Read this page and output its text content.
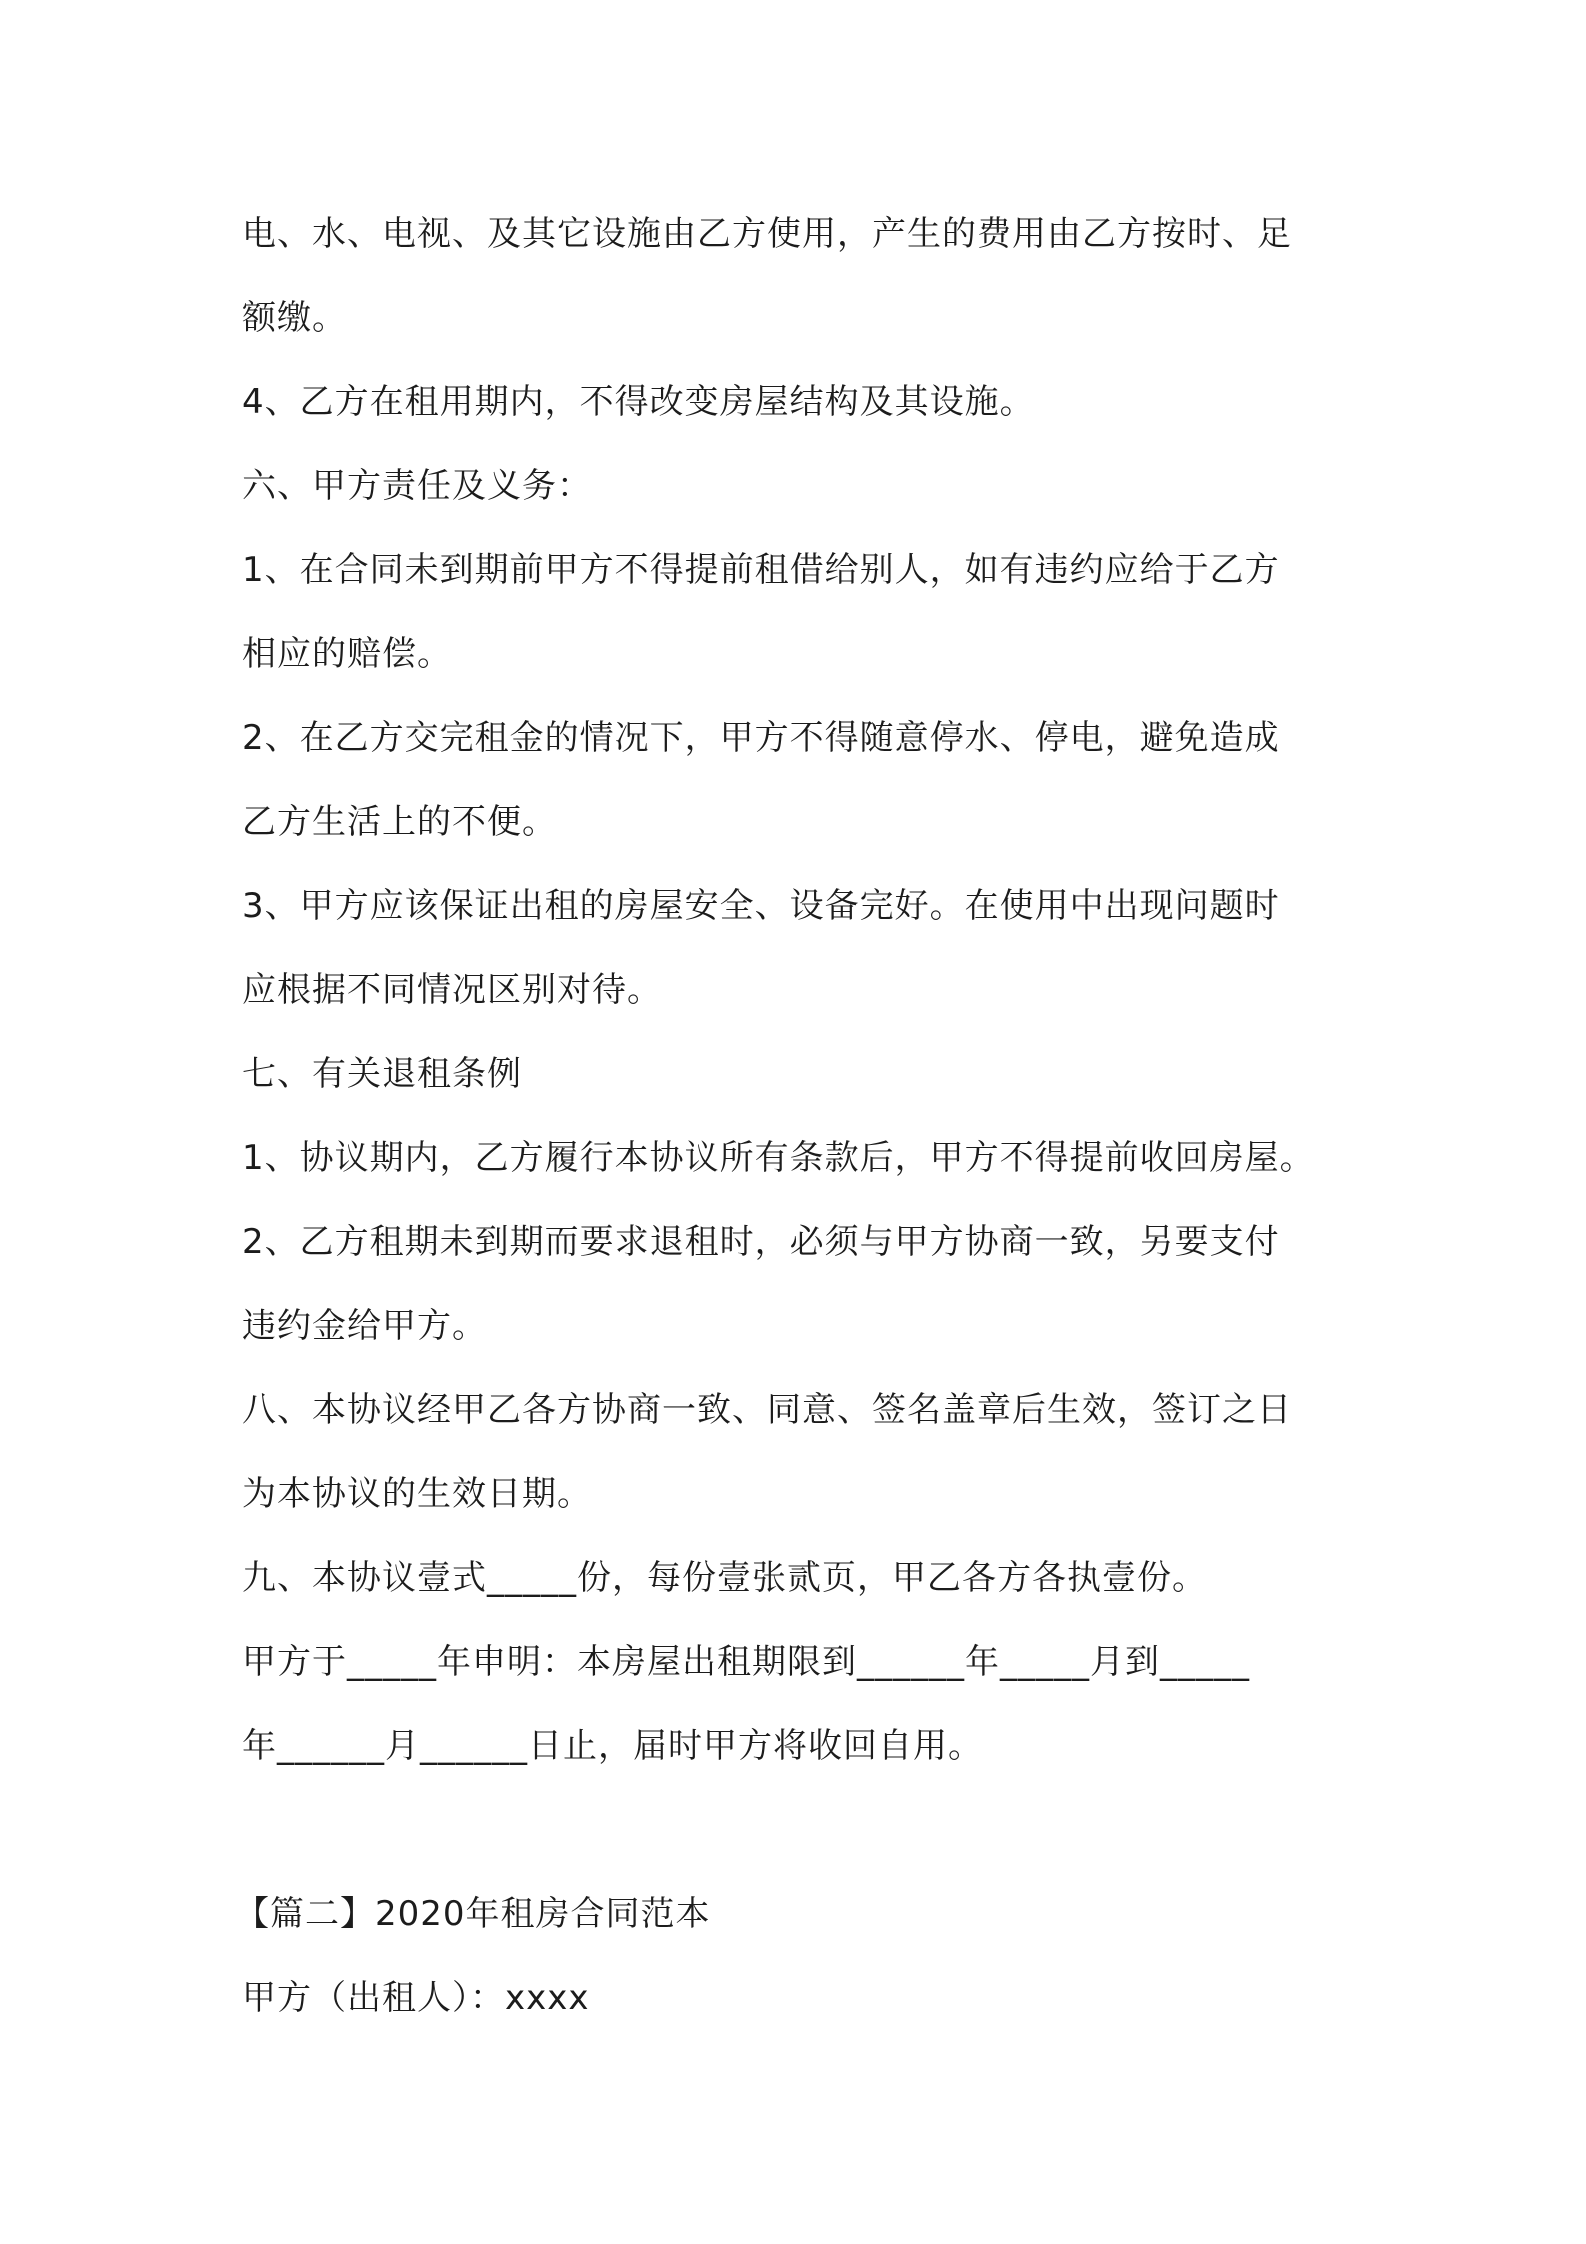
电、水、电视、及其它设施由乙方使用，产生的费用由乙方按时、足
额缴。
4、乙方在租用期内，不得改变房屋结构及其设施。
六、甲方责任及义务：
1、在合同未到期前甲方不得提前租借给别人，如有违约应给于乙方
相应的赔偿。
2、在乙方交完租金的情况下，甲方不得随意停水、停电，避免造成
乙方生活上的不便。
3、甲方应该保证出租的房屋安全、设备完好。在使用中出现问题时
应根据不同情况区别对待。
七、有关退租条例
1、协议期内，乙方履行本协议所有条款后，甲方不得提前收回房屋。
2、乙方租期未到期而要求退租时，必须与甲方协商一致，另要支付
违约金给甲方。
八、本协议经甲乙各方协商一致、同意、签名盖章后生效，签订之日
为本协议的生效日期。
九、本协议壹式_____份，每份壹张贰页，甲乙各方各执壹份。
甲方于_____年申明：本房屋出租期限到______年_____月到_____
年______月______日止，届时甲方将收回自用。
【篇二】2020年租房合同范本
甲方（出租人）：xxxx
